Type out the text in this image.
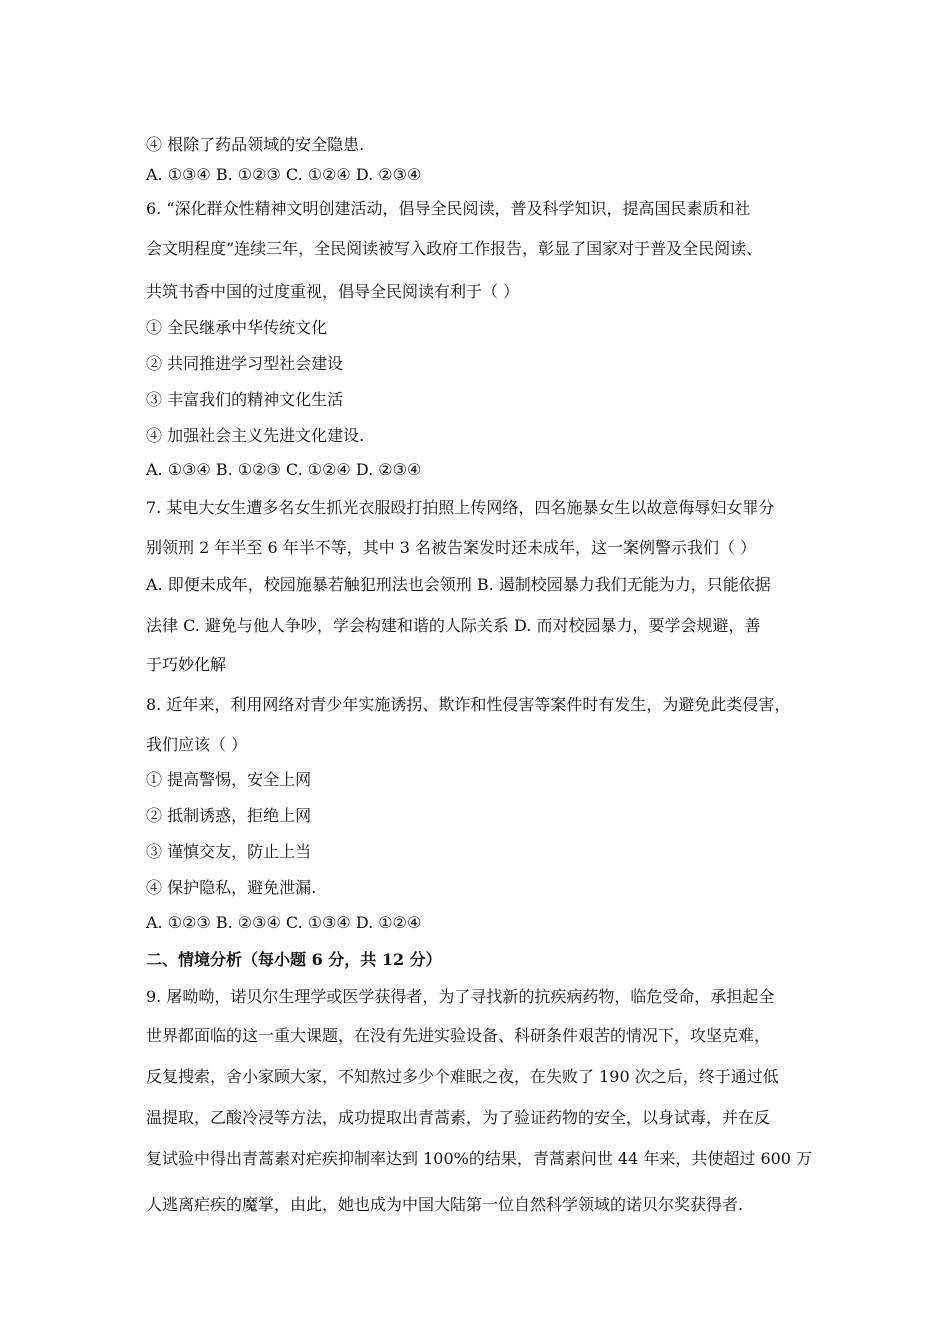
④ 根除了药品领域的安全隐患.
A. ①③④ B. ①②③ C. ①②④ D. ②③④
6. “深化群众性精神文明创建活动，倡导全民阅读，普及科学知识，提高国民素质和社
会文明程度”连续三年，全民阅读被写入政府工作报告，彰显了国家对于普及全民阅读、
共筑书香中国的过度重视，倡导全民阅读有利于（ ）
① 全民继承中华传统文化
② 共同推进学习型社会建设
③ 丰富我们的精神文化生活
④ 加强社会主义先进文化建设.
A. ①③④ B. ①②③ C. ①②④ D. ②③④
7. 某电大女生遭多名女生抓光衣服殴打拍照上传网络，四名施暴女生以故意侮辱妇女罪分
别领刑 2 年半至 6 年半不等，其中 3 名被告案发时还未成年，这一案例警示我们（ ）
A. 即便未成年，校园施暴若触犯刑法也会领刑 B. 遏制校园暴力我们无能为力，只能依据
法律 C. 避免与他人争吵，学会构建和谐的人际关系 D. 而对校园暴力，要学会规避，善
于巧妙化解
8. 近年来，利用网络对青少年实施诱拐、欺诈和性侵害等案件时有发生，为避免此类侵害，
我们应该（ ）
① 提高警惕，安全上网
② 抵制诱惑，拒绝上网
③ 谨慎交友，防止上当
④ 保护隐私，避免泄漏.
A. ①②③ B. ②③④ C. ①③④ D. ①②④
二、情境分析（每小题 6 分，共 12 分）
9. 屠呦呦，诺贝尔生理学或医学获得者，为了寻找新的抗疾病药物，临危受命，承担起全
世界都面临的这一重大课题，在没有先进实验设备、科研条件艰苦的情况下，攻坚克难，
反复搜索，舍小家顾大家，不知熬过多少个难眠之夜，在失败了 190 次之后，终于通过低
温提取，乙酸冷浸等方法，成功提取出青蒿素，为了验证药物的安全，以身试毒，并在反
复试验中得出青蒿素对疟疾抑制率达到 100%的结果，青蒿素问世 44 年来，共使超过 600 万
人逃离疟疾的魔掌，由此，她也成为中国大陆第一位自然科学领域的诺贝尔奖获得者.
